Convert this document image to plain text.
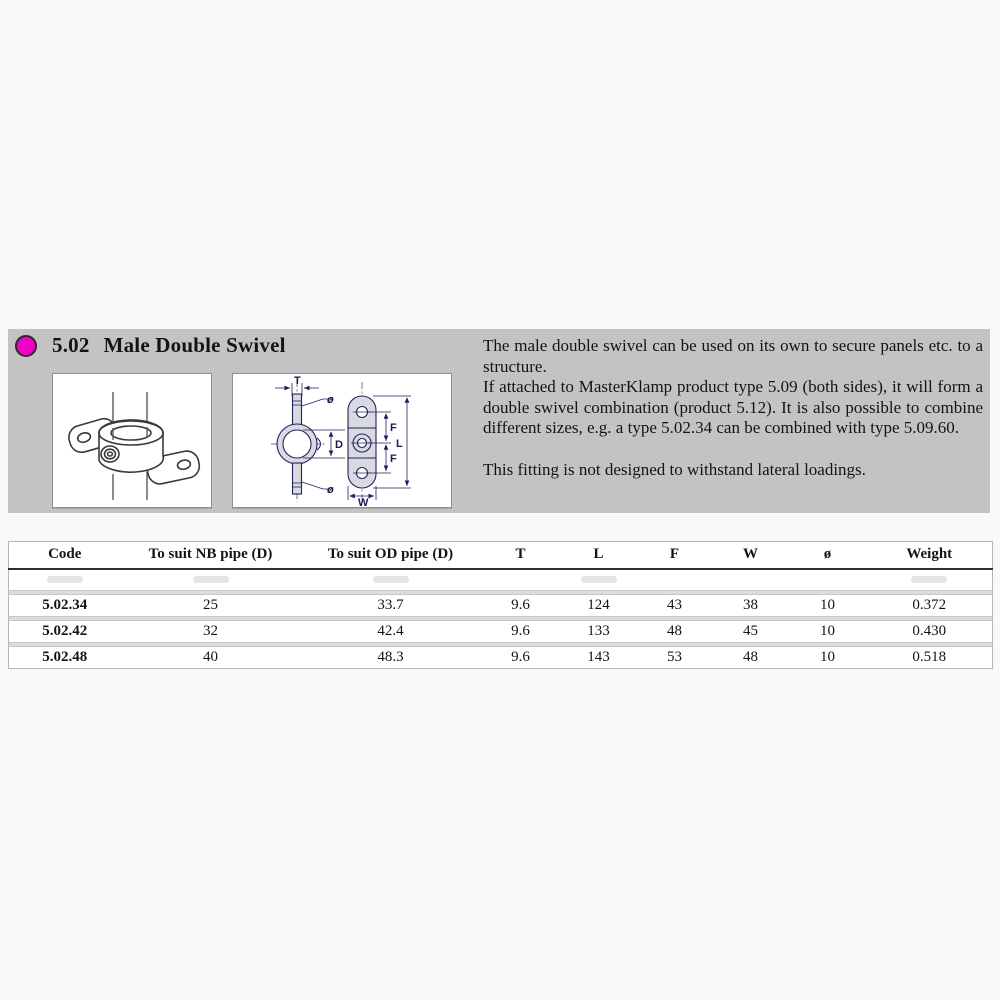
5.02 Male Double Swivel
T
ø
ø
D
F
F
L
W

The male double swivel can be used on its own to secure panels etc. to a structure.

If attached to MasterKlamp product type 5.09 (both sides), it will form a double swivel combination (product 5.12). It is also possible to combine different sizes, e.g. a type 5.02.34 can be combined with type 5.09.60.

This fitting is not designed to withstand lateral loadings.

Code	To suit NB pipe (D)	To suit OD pipe (D)	T	L	F	W	ø	Weight

5.02.34	25	33.7	9.6	124	43	38	10	0.372

5.02.42	32	42.4	9.6	133	48	45	10	0.430

5.02.48	40	48.3	9.6	143	53	48	10	0.518
